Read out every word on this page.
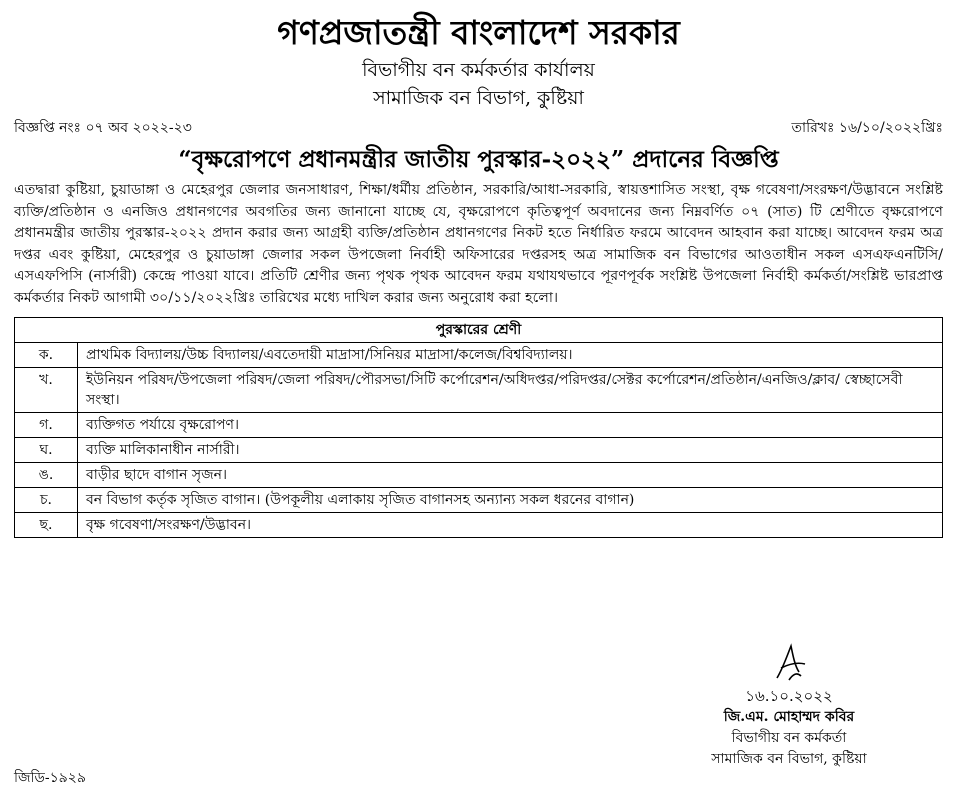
গণপ্রজাতন্ত্রী বাংলাদেশ সরকার

বিভাগীয় বন কর্মকর্তার কার্যালয়

সামাজিক বন বিভাগ, কুষ্টিয়া

বিজ্ঞপ্তি নংঃ ০৭ অব ২০২২-২৩	তারিখঃ ১৬/১০/২০২২খ্রিঃ
“বৃক্ষরোপণে প্রধানমন্ত্রীর জাতীয় পুরস্কার-২০২২” প্রদানের বিজ্ঞপ্তি

এতদ্বারা কুষ্টিয়া, চুয়াডাঙ্গা ও মেহেরপুর জেলার জনসাধারণ, শিক্ষা/ধর্মীয় প্রতিষ্ঠান, সরকারি/আধা-সরকারি, স্বায়ত্তশাসিত সংস্থা, বৃক্ষ গবেষণা/সংরক্ষণ/উদ্ভাবনে সংশ্লিষ্ট ব্যক্তি/প্রতিষ্ঠান ও এনজিও প্রধানগণের অবগতির জন্য জানানো যাচ্ছে যে, বৃক্ষরোপণে কৃতিত্বপূর্ণ অবদানের জন্য নিম্নবর্ণিত ০৭ (সাত) টি শ্রেণীতে বৃক্ষরোপণে প্রধানমন্ত্রীর জাতীয় পুরস্কার-২০২২ প্রদান করার জন্য আগ্রহী ব্যক্তি/প্রতিষ্ঠান প্রধানগণের নিকট হতে নির্ধারিত ফরমে আবেদন আহবান করা যাচ্ছে। আবেদন ফরম অত্র দপ্তর এবং কুষ্টিয়া, মেহেরপুর ও চুয়াডাঙ্গা জেলার সকল উপজেলা নির্বাহী অফিসারের দপ্তরসহ অত্র সামাজিক বন বিভাগের আওতাধীন সকল এসএফএনটিসি/এসএফপিসি (নার্সারী) কেন্দ্রে পাওয়া যাবে। প্রতিটি শ্রেণীর জন্য পৃথক পৃথক আবেদন ফরম যথাযথভাবে পূরণপূর্বক সংশ্লিষ্ট উপজেলা নির্বাহী কর্মকর্তা/সংশ্লিষ্ট ভারপ্রাপ্ত কর্মকর্তার নিকট আগামী ৩০/১১/২০২২খ্রিঃ তারিখের মধ্যে দাখিল করার জন্য অনুরোধ করা হলো।

পুরস্কারের শ্রেণী	
ক.	প্রাথমিক বিদ্যালয়/উচ্চ বিদ্যালয়/এবতেদায়ী মাদ্রাসা/সিনিয়র মাদ্রাসা/কলেজ/বিশ্ববিদ্যালয়।
খ.	ইউনিয়ন পরিষদ/উপজেলা পরিষদ/জেলা পরিষদ/পৌরসভা/সিটি কর্পোরেশন/অধিদপ্তর/পরিদপ্তর/সেক্টর কর্পোরেশন/প্রতিষ্ঠান/এনজিও/ক্লাব/ স্বেচ্ছাসেবী সংস্থা।
গ.	ব্যক্তিগত পর্যায়ে বৃক্ষরোপণ।
ঘ.	ব্যক্তি মালিকানাধীন নার্সারী।
ঙ.	বাড়ীর ছাদে বাগান সৃজন।
চ.	বন বিভাগ কর্তৃক সৃজিত বাগান। (উপকূলীয় এলাকায় সৃজিত বাগানসহ অন্যান্য সকল ধরনের বাগান)
ছ.	বৃক্ষ গবেষণা/সংরক্ষণ/উদ্ভাবন।
১৬.১০.২০২২
জি.এম. মোহাম্মদ কবির
বিভাগীয় বন কর্মকর্তা
সামাজিক বন বিভাগ, কুষ্টিয়া
জিডি-১৯২৯
